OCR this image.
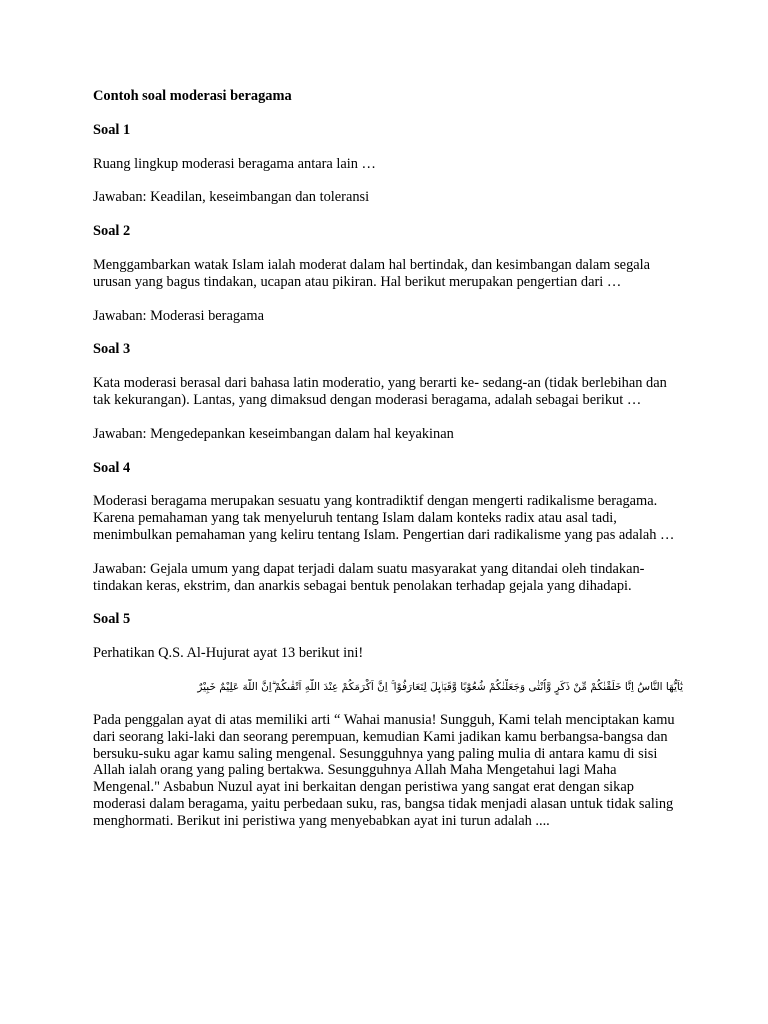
Contoh soal moderasi beragama

Soal 1

Ruang lingkup moderasi beragama antara lain …

Jawaban: Keadilan, keseimbangan dan toleransi

Soal 2

Menggambarkan watak Islam ialah moderat dalam hal bertindak, dan kesimbangan dalam segala urusan yang bagus tindakan, ucapan atau pikiran. Hal berikut merupakan pengertian dari …

Jawaban: Moderasi beragama

Soal 3

Kata moderasi berasal dari bahasa latin moderatio, yang berarti ke- sedang-an (tidak berlebihan dan tak kekurangan). Lantas, yang dimaksud dengan moderasi beragama, adalah sebagai berikut …

Jawaban: Mengedepankan keseimbangan dalam hal keyakinan

Soal 4

Moderasi beragama merupakan sesuatu yang kontradiktif dengan mengerti radikalisme beragama. Karena pemahaman yang tak menyeluruh tentang Islam dalam konteks radix atau asal tadi, menimbulkan pemahaman yang keliru tentang Islam. Pengertian dari radikalisme yang pas adalah …

Jawaban: Gejala umum yang dapat terjadi dalam suatu masyarakat yang ditandai oleh tindakan-tindakan keras, ekstrim, dan anarkis sebagai bentuk penolakan terhadap gejala yang dihadapi.

Soal 5

Perhatikan Q.S. Al-Hujurat ayat 13 berikut ini!

يٰٓاَيُّهَا النَّاسُ اِنَّا خَلَقْنٰكُمْ مِّنْ ذَكَرٍ وَّاُنْثٰى وَجَعَلْنٰكُمْ شُعُوْبًا وَّقَبَاۤىِٕلَ لِتَعَارَفُوْا ۚ اِنَّ اَكْرَمَكُمْ عِنْدَ اللّٰهِ اَتْقٰىكُمْ ۗاِنَّ اللّٰهَ عَلِيْمٌ خَبِيْرٌ

Pada penggalan ayat di atas memiliki arti “ Wahai manusia! Sungguh, Kami telah menciptakan kamu dari seorang laki-laki dan seorang perempuan, kemudian Kami jadikan kamu berbangsa-bangsa dan bersuku-suku agar kamu saling mengenal. Sesungguhnya yang paling mulia di antara kamu di sisi Allah ialah orang yang paling bertakwa. Sesungguhnya Allah Maha Mengetahui lagi Maha Mengenal." Asbabun Nuzul ayat ini berkaitan dengan peristiwa yang sangat erat dengan sikap moderasi dalam beragama, yaitu perbedaan suku, ras, bangsa tidak menjadi alasan untuk tidak saling menghormati. Berikut ini peristiwa yang menyebabkan ayat ini turun adalah ....
